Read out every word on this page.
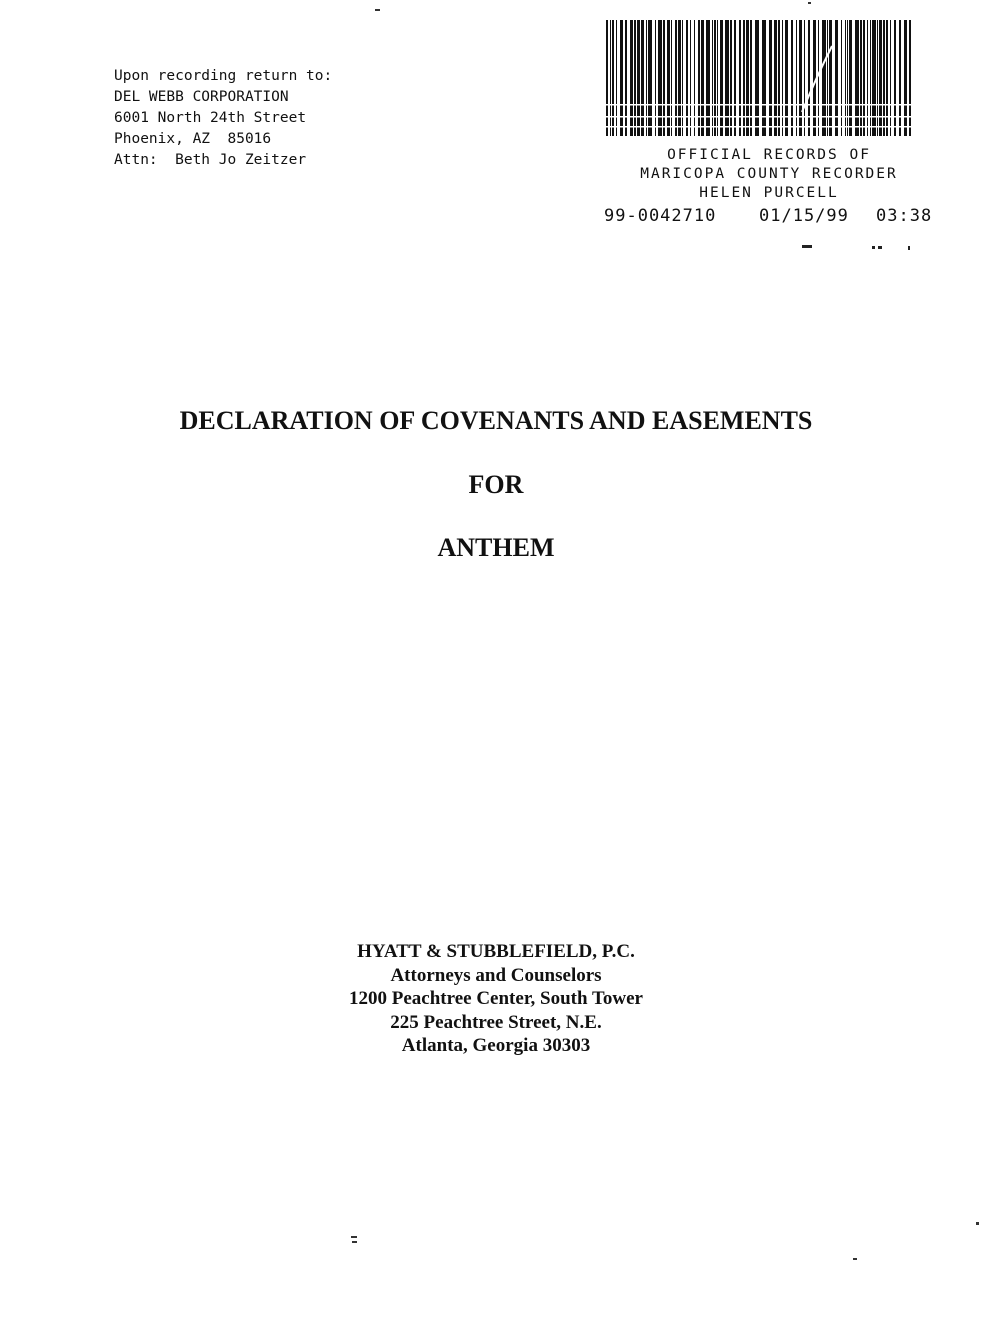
Upon recording return to:
DEL WEBB CORPORATION
6001 North 24th Street
Phoenix, AZ  85016
Attn:  Beth Jo Zeitzer	OFFICIAL RECORDS OF
MARICOPA COUNTY RECORDER
HELEN PURCELL
99-0042710	01/15/99 03:38
DECLARATION OF COVENANTS AND EASEMENTS
FOR
ANTHEM
HYATT & STUBBLEFIELD, P.C.
Attorneys and Counselors
1200 Peachtree Center, South Tower
225 Peachtree Street, N.E.
Atlanta, Georgia 30303
